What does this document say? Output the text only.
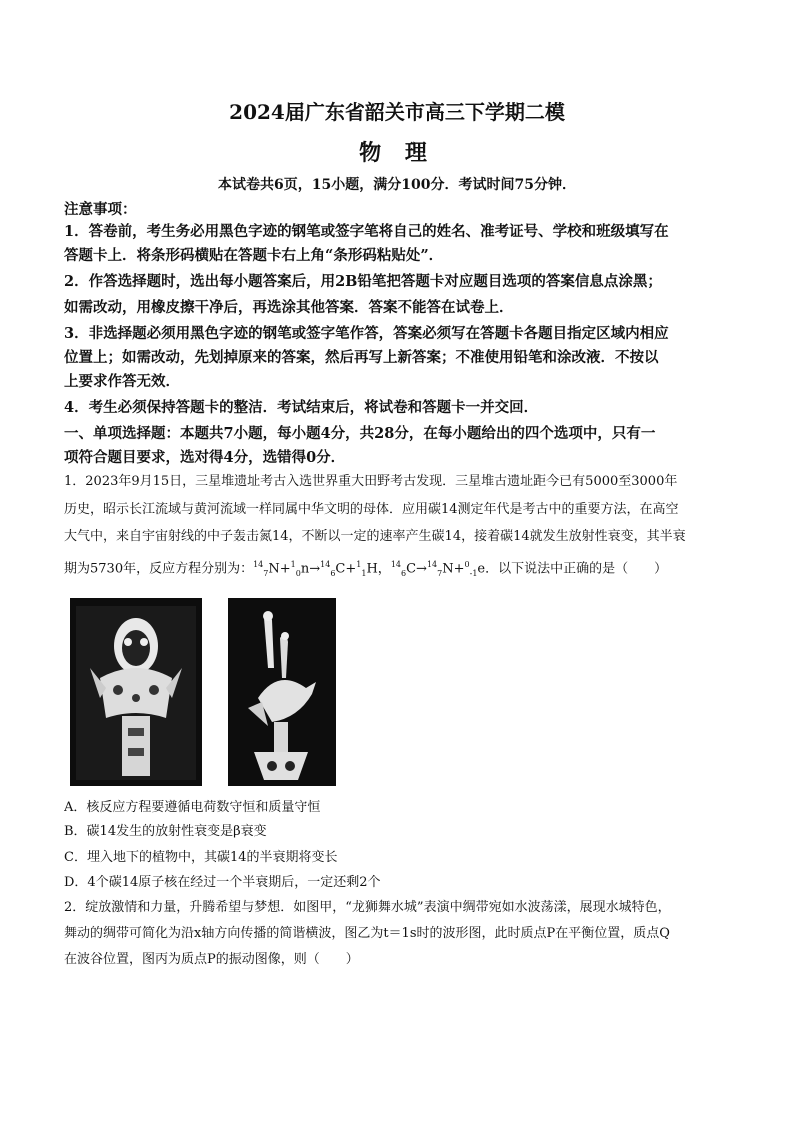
2024届广东省韶关市高三下学期二模
物 理
本试卷共6页，15小题，满分100分．考试时间75分钟．
注意事项：
1．答卷前，考生务必用黑色字迹的钢笔或签字笔将自己的姓名、准考证号、学校和班级填写在
答题卡上．将条形码横贴在答题卡右上角“条形码粘贴处”．
2．作答选择题时，选出每小题答案后，用2B铅笔把答题卡对应题目选项的答案信息点涂黑；
如需改动，用橡皮擦干净后，再选涂其他答案．答案不能答在试卷上．
3．非选择题必须用黑色字迹的钢笔或签字笔作答，答案必须写在答题卡各题目指定区域内相应
位置上；如需改动，先划掉原来的答案，然后再写上新答案；不准使用铅笔和涂改液．不按以
上要求作答无效．
4．考生必须保持答题卡的整洁．考试结束后，将试卷和答题卡一并交回．
一、单项选择题：本题共7小题，每小题4分，共28分，在每小题给出的四个选项中，只有一
项符合题目要求，选对得4分，选错得0分．
1．2023年9月15日，三星堆遗址考古入选世界重大田野考古发现．三星堆古遗址距今已有5000至3000年
历史，昭示长江流域与黄河流域一样同属中华文明的母体．应用碳14测定年代是考古中的重要方法，在高空
大气中，来自宇宙射线的中子轰击氮14，不断以一定的速率产生碳14，接着碳14就发生放射性衰变，其半衰
期为5730年，反应方程分别为：$^{14}_7$N+$^1_0$n→$^{14}_6$C+$^1_1$H，$^{14}_6$C→$^{14}_7$N+$^0_{-1}$e．以下说法中正确的是（　　）
A．核反应方程要遵循电荷数守恒和质量守恒
B．碳14发生的放射性衰变是β衰变
C．埋入地下的植物中，其碳14的半衰期将变长
D．4个碳14原子核在经过一个半衰期后，一定还剩2个
2．绽放激情和力量，升腾希望与梦想．如图甲，“龙狮舞水城”表演中绸带宛如水波荡漾，展现水城特色，
舞动的绸带可简化为沿x轴方向传播的简谐横波，图乙为t＝1s时的波形图，此时质点P在平衡位置，质点Q
在波谷位置，图丙为质点P的振动图像，则（　　）
